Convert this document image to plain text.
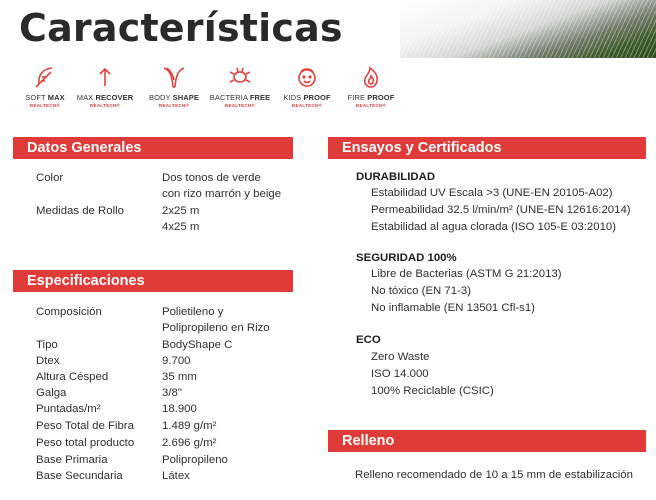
Características
SOFT MAX
REALTECH®
MAX RECOVER
REALTECH®
BODY SHAPE
REALTECH®
BACTERIA FREE
REALTECH®
KIDS PROOF
REALTECH®
FIRE PROOF
REALTECH®
Datos Generales
Color	Dos tonos de verde
con rizo marrón y beige
Medidas de Rollo	2x25 m
4x25 m
Especificaciones
Composición	Polietileno y
Polipropileno en Rizo
Tipo	BodyShape C
Dtex	9.700
Altura Césped	35 mm
Galga	3/8"
Puntadas/m²	18.900
Peso Total de Fibra 1.489 g/m²
Peso total producto 2.696 g/m²
Base Primaria	Polipropileno
Base Secundaria	Látex
Ensayos y Certificados
DURABILIDAD
Estabilidad UV Escala >3 (UNE-EN 20105-A02)
Permeabilidad 32.5 l/min/m² (UNE-EN 12616:2014)
Estabilidad al agua clorada (ISO 105-E 03:2010)
SEGURIDAD 100%
Libre de Bacterias (ASTM G 21:2013)
No tóxico (EN 71-3)
No inflamable (EN 13501 Cfl-s1)
ECO
Zero Waste
ISO 14.000
100% Reciclable (CSIC)
Relleno
Relleno recomendado de 10 a 15 mm de estabilización
